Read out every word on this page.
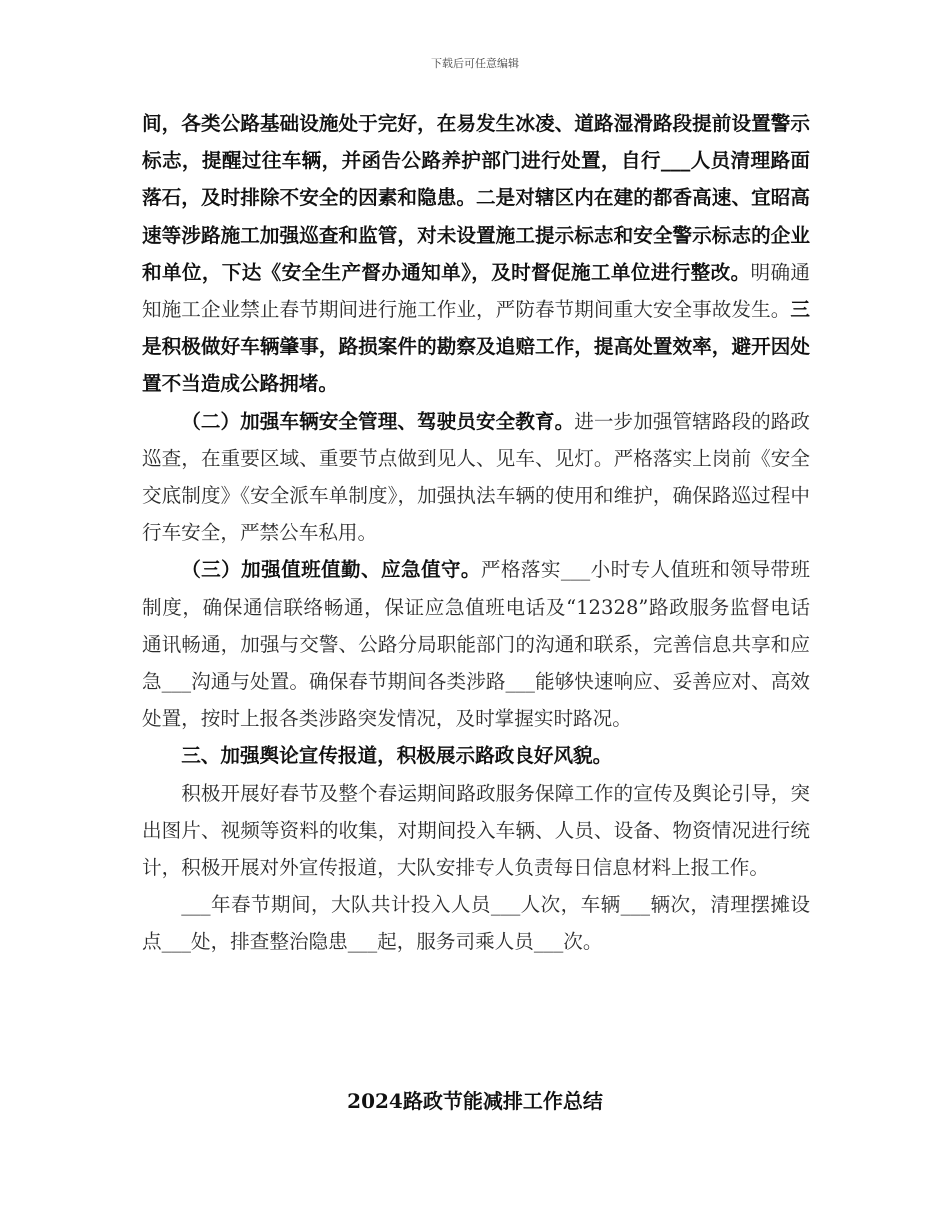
下载后可任意编辑

间，各类公路基础设施处于完好，在易发生冰凌、道路湿滑路段提前设置警示标志，提醒过往车辆，并函告公路养护部门进行处置，自行___人员清理路面落石，及时排除不安全的因素和隐患。二是对辖区内在建的都香高速、宜昭高速等涉路施工加强巡查和监管，对未设置施工提示标志和安全警示标志的企业和单位，下达《安全生产督办通知单》，及时督促施工单位进行整改。明确通知施工企业禁止春节期间进行施工作业，严防春节期间重大安全事故发生。三是积极做好车辆肇事，路损案件的勘察及追赔工作，提高处置效率，避开因处置不当造成公路拥堵。

（二）加强车辆安全管理、驾驶员安全教育。进一步加强管辖路段的路政巡查，在重要区域、重要节点做到见人、见车、见灯。严格落实上岗前《安全交底制度》《安全派车单制度》，加强执法车辆的使用和维护，确保路巡过程中行车安全，严禁公车私用。

（三）加强值班值勤、应急值守。严格落实___小时专人值班和领导带班制度，确保通信联络畅通，保证应急值班电话及“12328”路政服务监督电话通讯畅通，加强与交警、公路分局职能部门的沟通和联系，完善信息共享和应急___沟通与处置。确保春节期间各类涉路___能够快速响应、妥善应对、高效处置，按时上报各类涉路突发情况，及时掌握实时路况。

三、加强舆论宣传报道，积极展示路政良好风貌。

积极开展好春节及整个春运期间路政服务保障工作的宣传及舆论引导，突出图片、视频等资料的收集，对期间投入车辆、人员、设备、物资情况进行统计，积极开展对外宣传报道，大队安排专人负责每日信息材料上报工作。

___年春节期间，大队共计投入人员___人次，车辆___辆次，清理摆摊设点___处，排查整治隐患___起，服务司乘人员___次。

2024路政节能减排工作总结
